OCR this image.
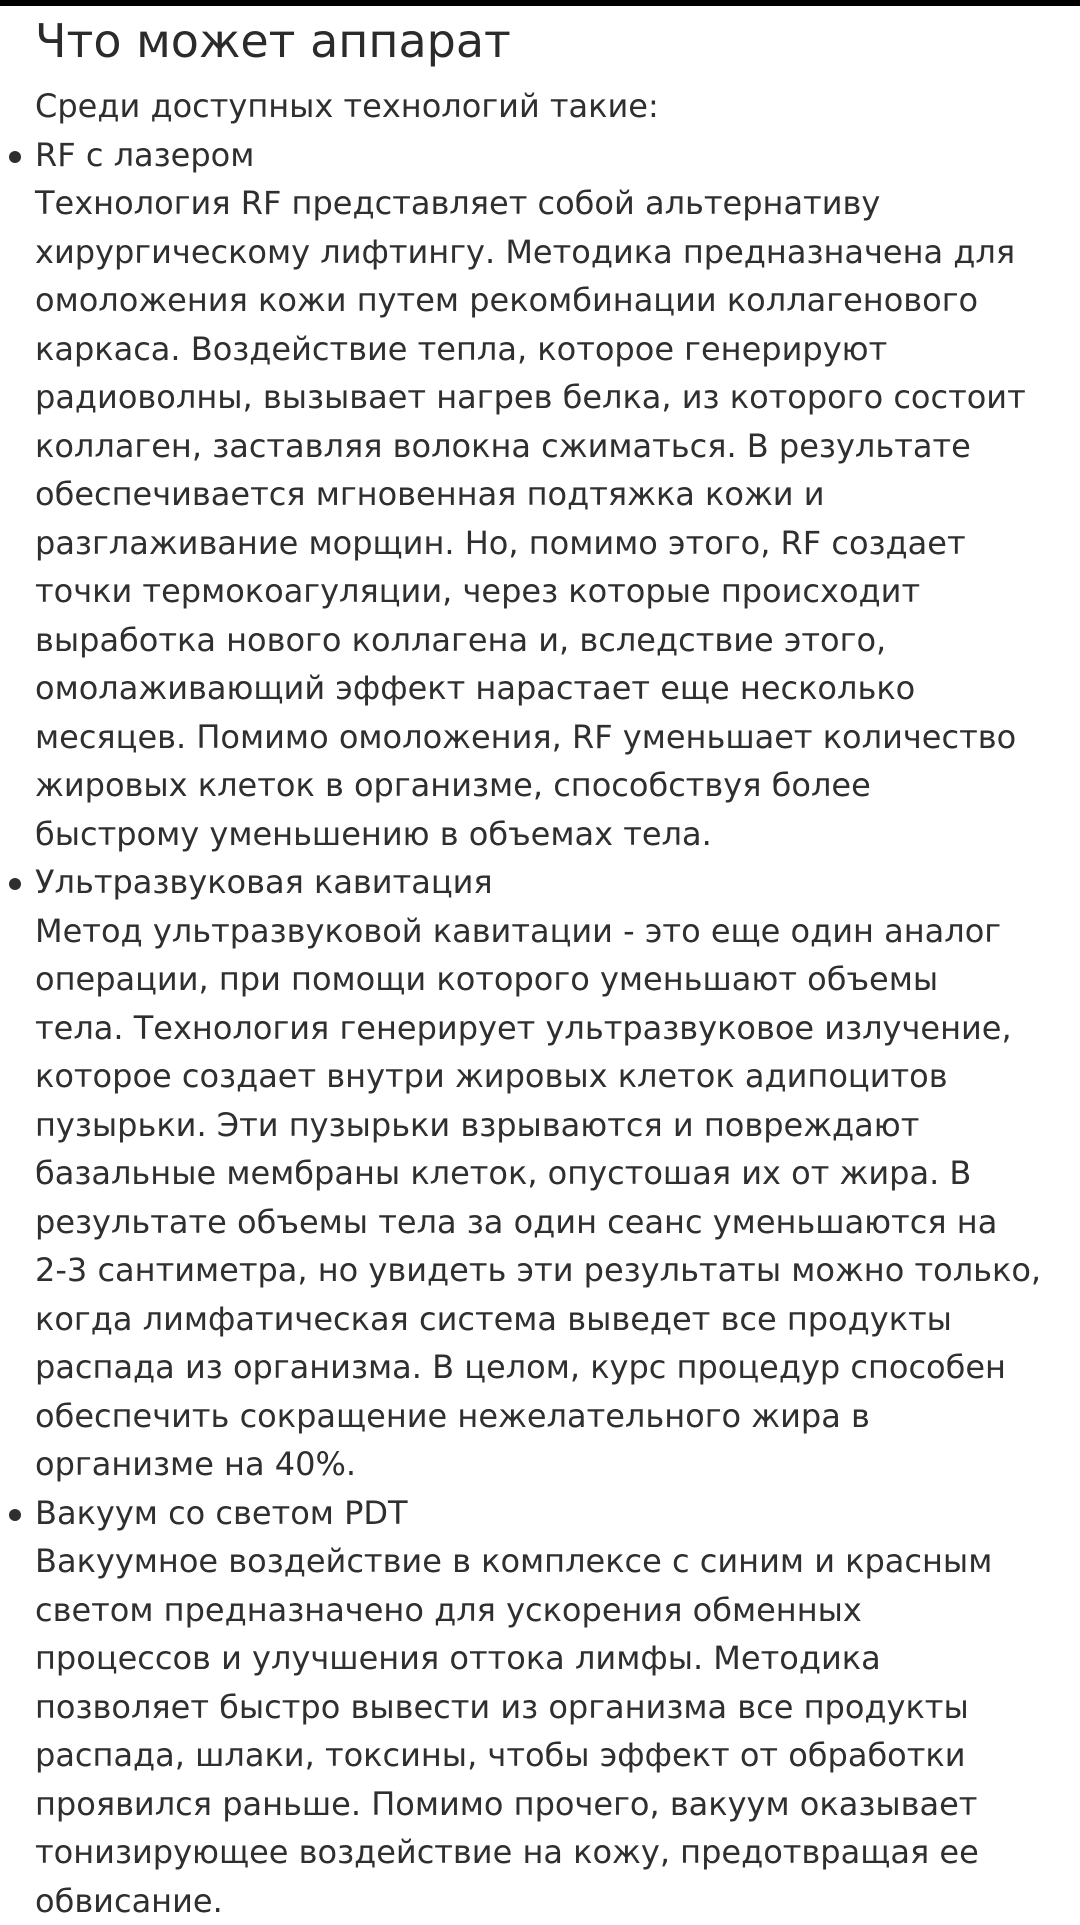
Что может аппарат

Среди доступных технологий такие:

RF с лазером
Технология RF представляет собой альтернативу
хирургическому лифтингу. Методика предназначена для
омоложения кожи путем рекомбинации коллагенового
каркаса. Воздействие тепла, которое генерируют
радиоволны, вызывает нагрев белка, из которого состоит
коллаген, заставляя волокна сжиматься. В результате
обеспечивается мгновенная подтяжка кожи и
разглаживание морщин. Но, помимо этого, RF создает
точки термокоагуляции, через которые происходит
выработка нового коллагена и, вследствие этого,
омолаживающий эффект нарастает еще несколько
месяцев. Помимо омоложения, RF уменьшает количество
жировых клеток в организме, способствуя более
быстрому уменьшению в объемах тела.
Ультразвуковая кавитация
Метод ультразвуковой кавитации - это еще один аналог
операции, при помощи которого уменьшают объемы
тела. Технология генерирует ультразвуковое излучение,
которое создает внутри жировых клеток адипоцитов
пузырьки. Эти пузырьки взрываются и повреждают
базальные мембраны клеток, опустошая их от жира. В
результате объемы тела за один сеанс уменьшаются на
2-3 сантиметра, но увидеть эти результаты можно только,
когда лимфатическая система выведет все продукты
распада из организма. В целом, курс процедур способен
обеспечить сокращение нежелательного жира в
организме на 40%.
Вакуум со светом PDT
Вакуумное воздействие в комплексе с синим и красным
светом предназначено для ускорения обменных
процессов и улучшения оттока лимфы. Методика
позволяет быстро вывести из организма все продукты
распада, шлаки, токсины, чтобы эффект от обработки
проявился раньше. Помимо прочего, вакуум оказывает
тонизирующее воздействие на кожу, предотвращая ее
обвисание.
